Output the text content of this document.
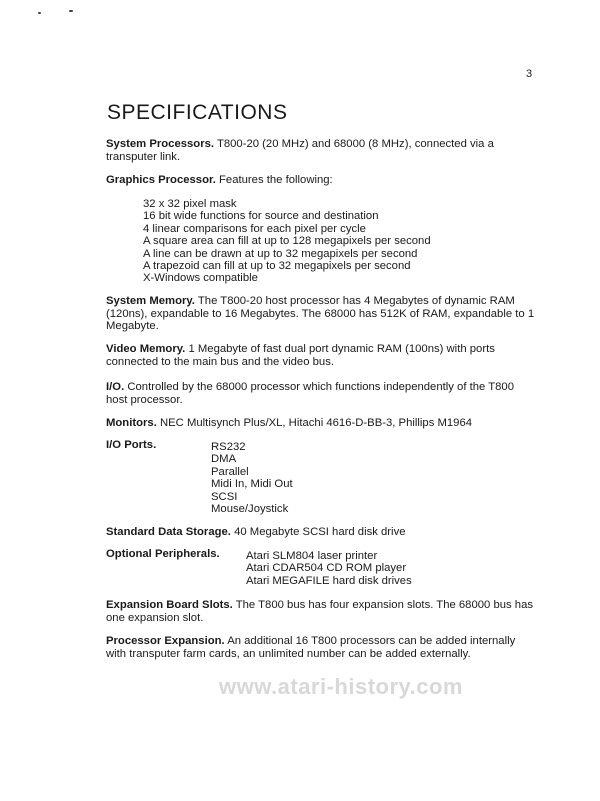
3
SPECIFICATIONS
System Processors. T800-20 (20 MHz) and 68000 (8 MHz), connected via a transputer link.
Graphics Processor. Features the following:
32 x 32 pixel mask
16 bit wide functions for source and destination
4 linear comparisons for each pixel per cycle
A square area can fill at up to 128 megapixels per second
A line can be drawn at up to 32 megapixels per second
A trapezoid can fill at up to 32 megapixels per second
X-Windows compatible
System Memory. The T800-20 host processor has 4 Megabytes of dynamic RAM (120ns), expandable to 16 Megabytes. The 68000 has 512K of RAM, expandable to 1 Megabyte.
Video Memory. 1 Megabyte of fast dual port dynamic RAM (100ns) with ports connected to the main bus and the video bus.
I/O. Controlled by the 68000 processor which functions independently of the T800 host processor.
Monitors. NEC Multisynch Plus/XL, Hitachi 4616-D-BB-3, Phillips M1964
I/O Ports.	RS232
DMA
Parallel
Midi In, Midi Out
SCSI
Mouse/Joystick
Standard Data Storage. 40 Megabyte SCSI hard disk drive
Optional Peripherals. Atari SLM804 laser printer
Atari CDAR504 CD ROM player
Atari MEGAFILE hard disk drives
Expansion Board Slots. The T800 bus has four expansion slots. The 68000 bus has one expansion slot.
Processor Expansion. An additional 16 T800 processors can be added internally with transputer farm cards, an unlimited number can be added externally.
www.atari-history.com
